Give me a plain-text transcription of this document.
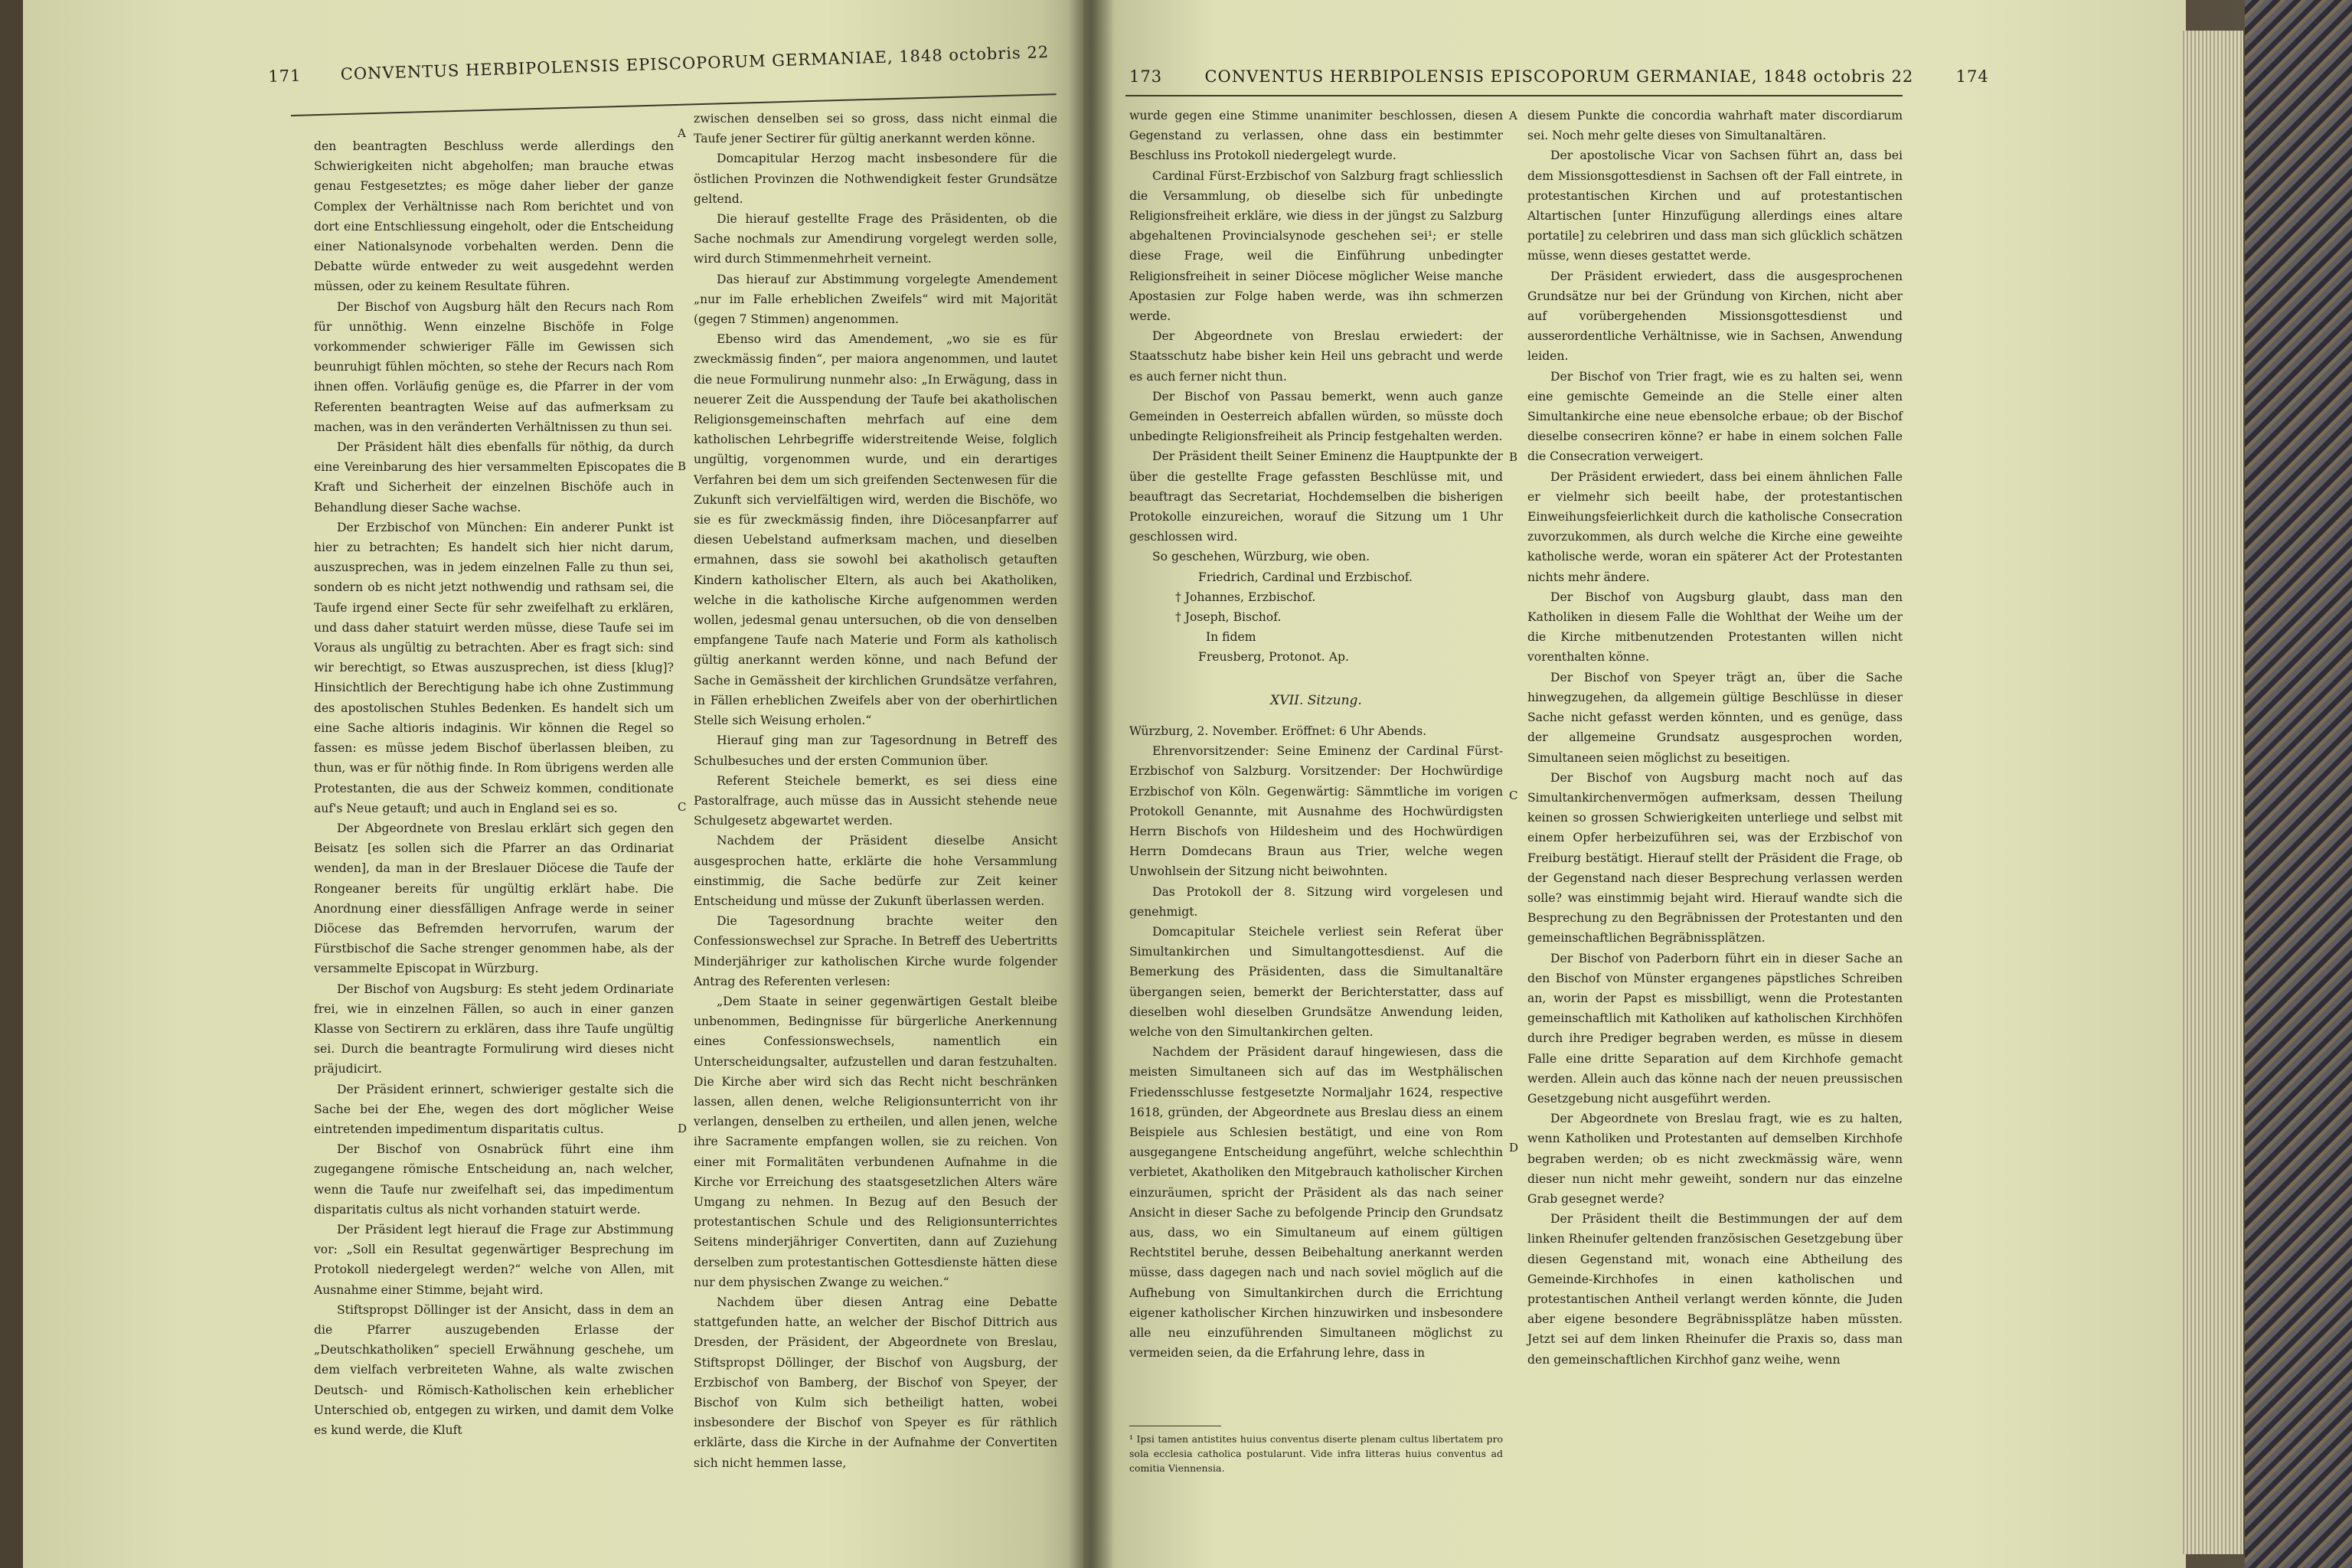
171 CONVENTUS HERBIPOLENSIS EPISCOPORUM GERMANIAE, 1848 octobris 22

den beantragten Beschluss werde allerdings den Schwierigkeiten nicht abgeholfen; man brauche etwas genau Festgesetztes; es möge daher lieber der ganze Complex der Verhältnisse nach Rom berichtet und von dort eine Entschliessung eingeholt, oder die Entscheidung einer Nationalsynode vorbehalten werden. Denn die Debatte würde entweder zu weit ausgedehnt werden müssen, oder zu keinem Resultate führen.

Der Bischof von Augsburg hält den Recurs nach Rom für unnöthig. Wenn einzelne Bischöfe in Folge vorkommender schwieriger Fälle im Gewissen sich beunruhigt fühlen möchten, so stehe der Recurs nach Rom ihnen offen. Vorläufig genüge es, die Pfarrer in der vom Referenten beantragten Weise auf das aufmerksam zu machen, was in den veränderten Verhältnissen zu thun sei.

Der Präsident hält dies ebenfalls für nöthig, da durch eine Vereinbarung des hier versammelten Episcopates die Kraft und Sicherheit der einzelnen Bischöfe auch in Behandlung dieser Sache wachse.

Der Erzbischof von München: Ein anderer Punkt ist hier zu betrachten; Es handelt sich hier nicht darum, auszusprechen, was in jedem einzelnen Falle zu thun sei, sondern ob es nicht jetzt nothwendig und rathsam sei, die Taufe irgend einer Secte für sehr zweifelhaft zu erklären, und dass daher statuirt werden müsse, diese Taufe sei im Voraus als ungültig zu betrachten. Aber es fragt sich: sind wir berechtigt, so Etwas auszusprechen, ist diess [klug]? Hinsichtlich der Berechtigung habe ich ohne Zustimmung des apostolischen Stuhles Bedenken. Es handelt sich um eine Sache altioris indaginis. Wir können die Regel so fassen: es müsse jedem Bischof überlassen bleiben, zu thun, was er für nöthig finde. In Rom übrigens werden alle Protestanten, die aus der Schweiz kommen, conditionate auf's Neue getauft; und auch in England sei es so.

Der Abgeordnete von Breslau erklärt sich gegen den Beisatz [es sollen sich die Pfarrer an das Ordinariat wenden], da man in der Breslauer Diöcese die Taufe der Rongeaner bereits für ungültig erklärt habe. Die Anordnung einer diessfälligen Anfrage werde in seiner Diöcese das Befremden hervorrufen, warum der Fürstbischof die Sache strenger genommen habe, als der versammelte Episcopat in Würzburg.

Der Bischof von Augsburg: Es steht jedem Ordinariate frei, wie in einzelnen Fällen, so auch in einer ganzen Klasse von Sectirern zu erklären, dass ihre Taufe ungültig sei. Durch die beantragte Formulirung wird dieses nicht präjudicirt.

Der Präsident erinnert, schwieriger gestalte sich die Sache bei der Ehe, wegen des dort möglicher Weise eintretenden impedimentum disparitatis cultus.

Der Bischof von Osnabrück führt eine ihm zugegangene römische Entscheidung an, nach welcher, wenn die Taufe nur zweifelhaft sei, das impedimentum disparitatis cultus als nicht vorhanden statuirt werde.

Der Präsident legt hierauf die Frage zur Abstimmung vor: „Soll ein Resultat gegenwärtiger Besprechung im Protokoll niedergelegt werden?“ welche von Allen, mit Ausnahme einer Stimme, bejaht wird.

Stiftspropst Döllinger ist der Ansicht, dass in dem an die Pfarrer auszugebenden Erlasse der „Deutschkatholiken“ speciell Erwähnung geschehe, um dem vielfach verbreiteten Wahne, als walte zwischen Deutsch- und Römisch-Katholischen kein erheblicher Unterschied ob, entgegen zu wirken, und damit dem Volke es kund werde, die Kluft

zwischen denselben sei so gross, dass nicht einmal die Taufe jener Sectirer für gültig anerkannt werden könne.

Domcapitular Herzog macht insbesondere für die östlichen Provinzen die Nothwendigkeit fester Grundsätze geltend.

Die hierauf gestellte Frage des Präsidenten, ob die Sache nochmals zur Amendirung vorgelegt werden solle, wird durch Stimmenmehrheit verneint.

Das hierauf zur Abstimmung vorgelegte Amendement „nur im Falle erheblichen Zweifels“ wird mit Majorität (gegen 7 Stimmen) angenommen.

Ebenso wird das Amendement, „wo sie es für zweckmässig finden“, per maiora angenommen, und lautet die neue Formulirung nunmehr also: „In Erwägung, dass in neuerer Zeit die Ausspendung der Taufe bei akatholischen Religionsgemeinschaften mehrfach auf eine dem katholischen Lehrbegriffe widerstreitende Weise, folglich ungültig, vorgenommen wurde, und ein derartiges Verfahren bei dem um sich greifenden Sectenwesen für die Zukunft sich vervielfältigen wird, werden die Bischöfe, wo sie es für zweckmässig finden, ihre Diöcesanpfarrer auf diesen Uebelstand aufmerksam machen, und dieselben ermahnen, dass sie sowohl bei akatholisch getauften Kindern katholischer Eltern, als auch bei Akatholiken, welche in die katholische Kirche aufgenommen werden wollen, jedesmal genau untersuchen, ob die von denselben empfangene Taufe nach Materie und Form als katholisch gültig anerkannt werden könne, und nach Befund der Sache in Gemässheit der kirchlichen Grundsätze verfahren, in Fällen erheblichen Zweifels aber von der oberhirtlichen Stelle sich Weisung erholen.“

Hierauf ging man zur Tagesordnung in Betreff des Schulbesuches und der ersten Communion über.

Referent Steichele bemerkt, es sei diess eine Pastoralfrage, auch müsse das in Aussicht stehende neue Schulgesetz abgewartet werden.

Nachdem der Präsident dieselbe Ansicht ausgesprochen hatte, erklärte die hohe Versammlung einstimmig, die Sache bedürfe zur Zeit keiner Entscheidung und müsse der Zukunft überlassen werden.

Die Tagesordnung brachte weiter den Confessionswechsel zur Sprache. In Betreff des Uebertritts Minderjähriger zur katholischen Kirche wurde folgender Antrag des Referenten verlesen:

„Dem Staate in seiner gegenwärtigen Gestalt bleibe unbenommen, Bedingnisse für bürgerliche Anerkennung eines Confessionswechsels, namentlich ein Unterscheidungsalter, aufzustellen und daran festzuhalten. Die Kirche aber wird sich das Recht nicht beschränken lassen, allen denen, welche Religionsunterricht von ihr verlangen, denselben zu ertheilen, und allen jenen, welche ihre Sacramente empfangen wollen, sie zu reichen. Von einer mit Formalitäten verbundenen Aufnahme in die Kirche vor Erreichung des staatsgesetzlichen Alters wäre Umgang zu nehmen. In Bezug auf den Besuch der protestantischen Schule und des Religionsunterrichtes Seitens minderjähriger Convertiten, dann auf Zuziehung derselben zum protestantischen Gottesdienste hätten diese nur dem physischen Zwange zu weichen.“

Nachdem über diesen Antrag eine Debatte stattgefunden hatte, an welcher der Bischof Dittrich aus Dresden, der Präsident, der Abgeordnete von Breslau, Stiftspropst Döllinger, der Bischof von Augsburg, der Erzbischof von Bamberg, der Bischof von Speyer, der Bischof von Kulm sich betheiligt hatten, wobei insbesondere der Bischof von Speyer es für räthlich erklärte, dass die Kirche in der Aufnahme der Convertiten sich nicht hemmen lasse,

A
B
C
D
173	CONVENTUS HERBIPOLENSIS EPISCOPORUM GERMANIAE, 1848 octobris 22	174

wurde gegen eine Stimme unanimiter beschlossen, diesen Gegenstand zu verlassen, ohne dass ein bestimmter Beschluss ins Protokoll niedergelegt wurde.

Cardinal Fürst-Erzbischof von Salzburg fragt schliesslich die Versammlung, ob dieselbe sich für unbedingte Religionsfreiheit erkläre, wie diess in der jüngst zu Salzburg abgehaltenen Provincialsynode geschehen sei¹; er stelle diese Frage, weil die Einführung unbedingter Religionsfreiheit in seiner Diöcese möglicher Weise manche Apostasien zur Folge haben werde, was ihn schmerzen werde.

Der Abgeordnete von Breslau erwiedert: der Staatsschutz habe bisher kein Heil uns gebracht und werde es auch ferner nicht thun.

Der Bischof von Passau bemerkt, wenn auch ganze Gemeinden in Oesterreich abfallen würden, so müsste doch unbedingte Religionsfreiheit als Princip festgehalten werden.

Der Präsident theilt Seiner Eminenz die Hauptpunkte der über die gestellte Frage gefassten Beschlüsse mit, und beauftragt das Secretariat, Hochdemselben die bisherigen Protokolle einzureichen, worauf die Sitzung um 1 Uhr geschlossen wird.

So geschehen, Würzburg, wie oben.

Friedrich, Cardinal und Erzbischof.

† Johannes, Erzbischof.

† Joseph, Bischof.

In fidem

Freusberg, Protonot. Ap.

XVII. Sitzung.

Würzburg, 2. November. Eröffnet: 6 Uhr Abends.

Ehrenvorsitzender: Seine Eminenz der Cardinal Fürst-Erzbischof von Salzburg. Vorsitzender: Der Hochwürdige Erzbischof von Köln. Gegenwärtig: Sämmtliche im vorigen Protokoll Genannte, mit Ausnahme des Hochwürdigsten Herrn Bischofs von Hildesheim und des Hochwürdigen Herrn Domdecans Braun aus Trier, welche wegen Unwohlsein der Sitzung nicht beiwohnten.

Das Protokoll der 8. Sitzung wird vorgelesen und genehmigt.

Domcapitular Steichele verliest sein Referat über Simultankirchen und Simultangottesdienst. Auf die Bemerkung des Präsidenten, dass die Simultanaltäre übergangen seien, bemerkt der Berichterstatter, dass auf dieselben wohl dieselben Grundsätze Anwendung leiden, welche von den Simultankirchen gelten.

Nachdem der Präsident darauf hingewiesen, dass die meisten Simultaneen sich auf das im Westphälischen Friedensschlusse festgesetzte Normaljahr 1624, respective 1618, gründen, der Abgeordnete aus Breslau diess an einem Beispiele aus Schlesien bestätigt, und eine von Rom ausgegangene Entscheidung angeführt, welche schlechthin verbietet, Akatholiken den Mitgebrauch katholischer Kirchen einzuräumen, spricht der Präsident als das nach seiner Ansicht in dieser Sache zu befolgende Princip den Grundsatz aus, dass, wo ein Simultaneum auf einem gültigen Rechtstitel beruhe, dessen Beibehaltung anerkannt werden müsse, dass dagegen nach und nach soviel möglich auf die Aufhebung von Simultankirchen durch die Errichtung eigener katholischer Kirchen hinzuwirken und insbesondere alle neu einzuführenden Simultaneen möglichst zu vermeiden seien, da die Erfahrung lehre, dass in

diesem Punkte die concordia wahrhaft mater discordiarum sei. Noch mehr gelte dieses von Simultanaltären.

Der apostolische Vicar von Sachsen führt an, dass bei dem Missionsgottesdienst in Sachsen oft der Fall eintrete, in protestantischen Kirchen und auf protestantischen Altartischen [unter Hinzufügung allerdings eines altare portatile] zu celebriren und dass man sich glücklich schätzen müsse, wenn dieses gestattet werde.

Der Präsident erwiedert, dass die ausgesprochenen Grundsätze nur bei der Gründung von Kirchen, nicht aber auf vorübergehenden Missionsgottesdienst und ausserordentliche Verhältnisse, wie in Sachsen, Anwendung leiden.

Der Bischof von Trier fragt, wie es zu halten sei, wenn eine gemischte Gemeinde an die Stelle einer alten Simultankirche eine neue ebensolche erbaue; ob der Bischof dieselbe consecriren könne? er habe in einem solchen Falle die Consecration verweigert.

Der Präsident erwiedert, dass bei einem ähnlichen Falle er vielmehr sich beeilt habe, der protestantischen Einweihungsfeierlichkeit durch die katholische Consecration zuvorzukommen, als durch welche die Kirche eine geweihte katholische werde, woran ein späterer Act der Protestanten nichts mehr ändere.

Der Bischof von Augsburg glaubt, dass man den Katholiken in diesem Falle die Wohlthat der Weihe um der die Kirche mitbenutzenden Protestanten willen nicht vorenthalten könne.

Der Bischof von Speyer trägt an, über die Sache hinwegzugehen, da allgemein gültige Beschlüsse in dieser Sache nicht gefasst werden könnten, und es genüge, dass der allgemeine Grundsatz ausgesprochen worden, Simultaneen seien möglichst zu beseitigen.

Der Bischof von Augsburg macht noch auf das Simultankirchenvermögen aufmerksam, dessen Theilung keinen so grossen Schwierigkeiten unterliege und selbst mit einem Opfer herbeizuführen sei, was der Erzbischof von Freiburg bestätigt. Hierauf stellt der Präsident die Frage, ob der Gegenstand nach dieser Besprechung verlassen werden solle? was einstimmig bejaht wird. Hierauf wandte sich die Besprechung zu den Begräbnissen der Protestanten und den gemeinschaftlichen Begräbnissplätzen.

Der Bischof von Paderborn führt ein in dieser Sache an den Bischof von Münster ergangenes päpstliches Schreiben an, worin der Papst es missbilligt, wenn die Protestanten gemeinschaftlich mit Katholiken auf katholischen Kirchhöfen durch ihre Prediger begraben werden, es müsse in diesem Falle eine dritte Separation auf dem Kirchhofe gemacht werden. Allein auch das könne nach der neuen preussischen Gesetzgebung nicht ausgeführt werden.

Der Abgeordnete von Breslau fragt, wie es zu halten, wenn Katholiken und Protestanten auf demselben Kirchhofe begraben werden; ob es nicht zweckmässig wäre, wenn dieser nun nicht mehr geweiht, sondern nur das einzelne Grab gesegnet werde?

Der Präsident theilt die Bestimmungen der auf dem linken Rheinufer geltenden französischen Gesetzgebung über diesen Gegenstand mit, wonach eine Abtheilung des Gemeinde-Kirchhofes in einen katholischen und protestantischen Antheil verlangt werden könnte, die Juden aber eigene besondere Begräbnissplätze haben müssten. Jetzt sei auf dem linken Rheinufer die Praxis so, dass man den gemeinschaftlichen Kirchhof ganz weihe, wenn

¹ Ipsi tamen antistites huius conventus diserte plenam cultus libertatem pro sola ecclesia catholica postularunt. Vide infra litteras huius conventus ad comitia Viennensia.
A
B
C
D
